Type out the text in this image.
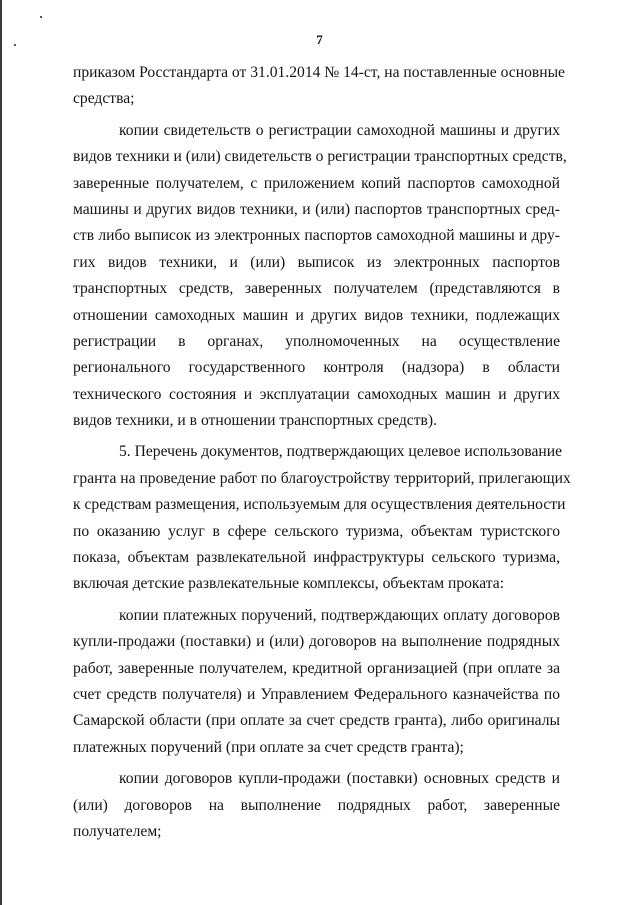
7
приказом Росстандарта от 31.01.2014 № 14-ст, на поставленные основные
средства;
копии свидетельств о регистрации самоходной машины и других
видов техники и (или) свидетельств о регистрации транспортных средств,
заверенные получателем, с приложением копий паспортов самоходной
машины и других видов техники, и (или) паспортов транспортных сред-
ств либо выписок из электронных паспортов самоходной машины и дру-
гих видов техники, и (или) выписок из электронных паспортов
транспортных средств, заверенных получателем (представляются в
отношении самоходных машин и других видов техники, подлежащих
регистрации в органах, уполномоченных на осуществление
регионального государственного контроля (надзора) в области
технического состояния и эксплуатации самоходных машин и других
видов техники, и в отношении транспортных средств).
5. Перечень документов, подтверждающих целевое использование
гранта на проведение работ по благоустройству территорий, прилегающих
к средствам размещения, используемым для осуществления деятельности
по оказанию услуг в сфере сельского туризма, объектам туристского
показа, объектам развлекательной инфраструктуры сельского туризма,
включая детские развлекательные комплексы, объектам проката:
копии платежных поручений, подтверждающих оплату договоров
купли-продажи (поставки) и (или) договоров на выполнение подрядных
работ, заверенные получателем, кредитной организацией (при оплате за
счет средств получателя) и Управлением Федерального казначейства по
Самарской области (при оплате за счет средств гранта), либо оригиналы
платежных поручений (при оплате за счет средств гранта);
копии договоров купли-продажи (поставки) основных средств и
(или) договоров на выполнение подрядных работ, заверенные
получателем;
